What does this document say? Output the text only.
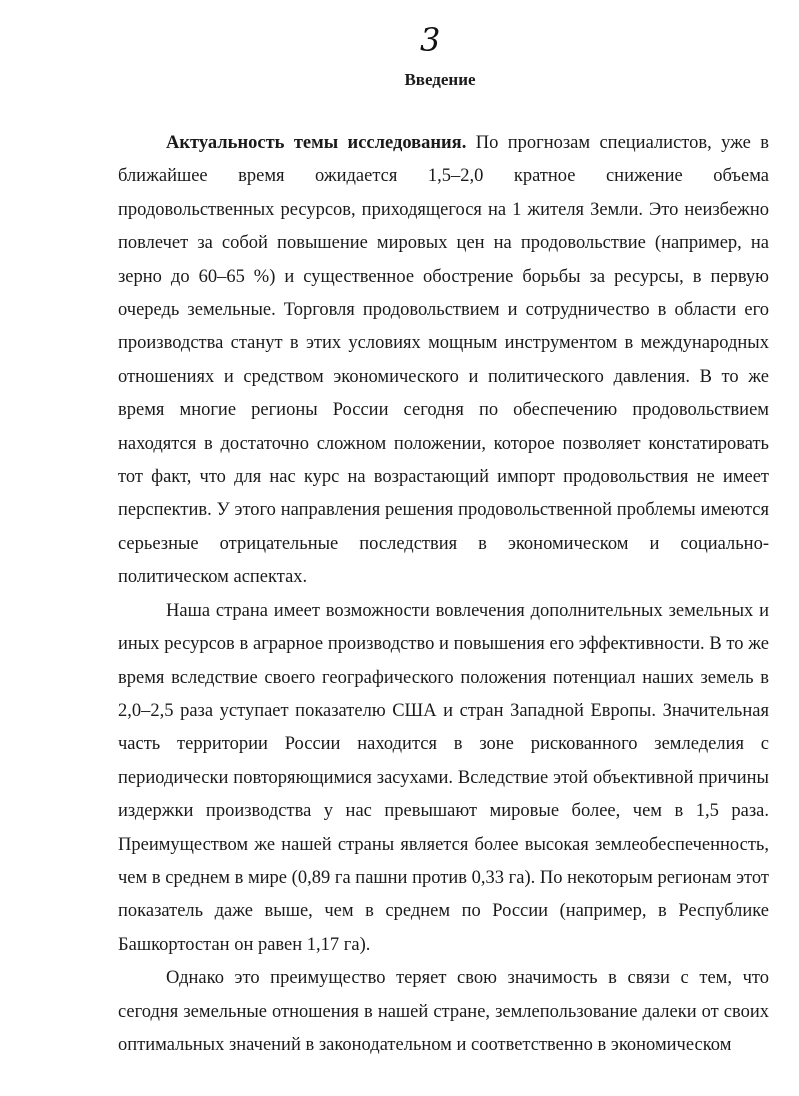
3
Введение

Актуальность темы исследования. По прогнозам специалистов, уже в ближайшее время ожидается 1,5–2,0 кратное снижение объема продовольственных ресурсов, приходящегося на 1 жителя Земли. Это неизбежно повлечет за собой повышение мировых цен на продовольствие (например, на зерно до 60–65 %) и существенное обострение борьбы за ресурсы, в первую очередь земельные. Торговля продовольствием и сотрудничество в области его производства станут в этих условиях мощным инструментом в международных отношениях и средством экономического и политического давления. В то же время многие регионы России сегодня по обеспечению продовольствием находятся в достаточно сложном положении, которое позволяет констатировать тот факт, что для нас курс на возрастающий импорт продовольствия не имеет перспектив. У этого направления решения продовольственной проблемы имеются серьезные отрицательные последствия в экономическом и социально-политическом аспектах.

Наша страна имеет возможности вовлечения дополнительных земельных и иных ресурсов в аграрное производство и повышения его эффективности. В то же время вследствие своего географического положения потенциал наших земель в 2,0–2,5 раза уступает показателю США и стран Западной Европы. Значительная часть территории России находится в зоне рискованного земледелия с периодически повторяющимися засухами. Вследствие этой объективной причины издержки производства у нас превышают мировые более, чем в 1,5 раза. Преимуществом же нашей страны является более высокая землеобеспеченность, чем в среднем в мире (0,89 га пашни против 0,33 га). По некоторым регионам этот показатель даже выше, чем в среднем по России (например, в Республике Башкортостан он равен 1,17 га).

Однако это преимущество теряет свою значимость в связи с тем, что сегодня земельные отношения в нашей стране, землепользование далеки от своих оптимальных значений в законодательном и соответственно в экономическом
